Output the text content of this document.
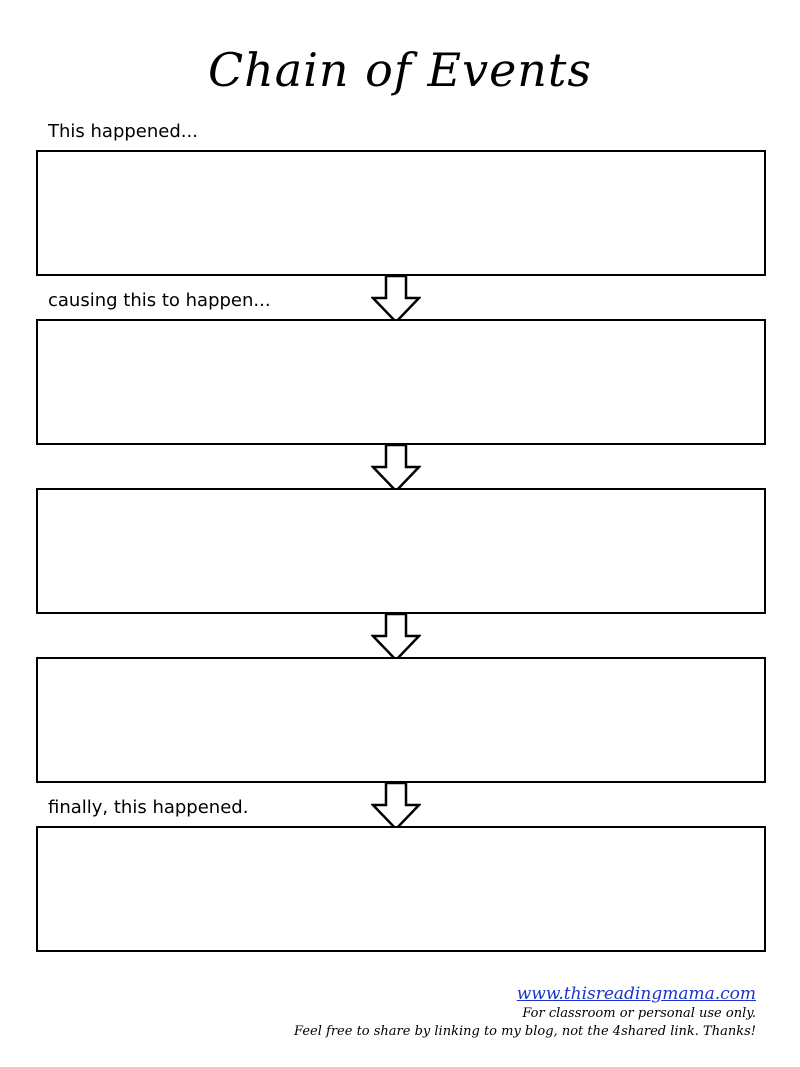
Chain of Events
This happened...
causing this to happen...
finally, this happened.
www.thisreadingmama.com
For classroom or personal use only.
Feel free to share by linking to my blog, not the 4shared link. Thanks!
